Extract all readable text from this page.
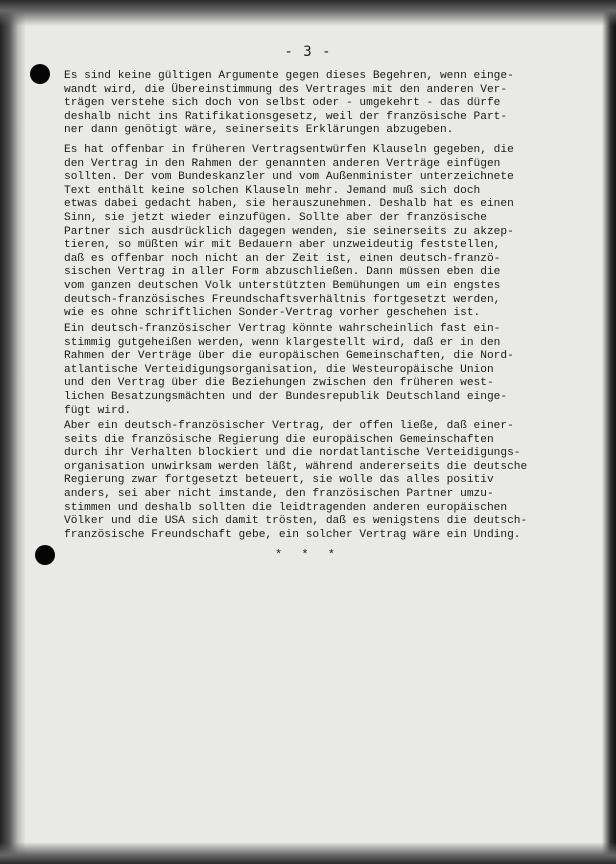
- 3 -
Es sind keine gültigen Argumente gegen dieses Begehren, wenn einge-
wandt wird, die Übereinstimmung des Vertrages mit den anderen Ver-
trägen verstehe sich doch von selbst oder - umgekehrt - das dürfe
deshalb nicht ins Ratifikationsgesetz, weil der französische Part-
ner dann genötigt wäre, seinerseits Erklärungen abzugeben.
Es hat offenbar in früheren Vertragsentwürfen Klauseln gegeben, die
den Vertrag in den Rahmen der genannten anderen Verträge einfügen
sollten. Der vom Bundeskanzler und vom Außenminister unterzeichnete
Text enthält keine solchen Klauseln mehr. Jemand muß sich doch
etwas dabei gedacht haben, sie herauszunehmen. Deshalb hat es einen
Sinn, sie jetzt wieder einzufügen. Sollte aber der französische
Partner sich ausdrücklich dagegen wenden, sie seinerseits zu akzep-
tieren, so müßten wir mit Bedauern aber unzweideutig feststellen,
daß es offenbar noch nicht an der Zeit ist, einen deutsch-franzö-
sischen Vertrag in aller Form abzuschließen. Dann müssen eben die
vom ganzen deutschen Volk unterstützten Bemühungen um ein engstes
deutsch-französisches Freundschaftsverhältnis fortgesetzt werden,
wie es ohne schriftlichen Sonder-Vertrag vorher geschehen ist.
Ein deutsch-französischer Vertrag könnte wahrscheinlich fast ein-
stimmig gutgeheißen werden, wenn klargestellt wird, daß er in den
Rahmen der Verträge über die europäischen Gemeinschaften, die Nord-
atlantische Verteidigungsorganisation, die Westeuropäische Union
und den Vertrag über die Beziehungen zwischen den früheren west-
lichen Besatzungsmächten und der Bundesrepublik Deutschland einge-
fügt wird.
Aber ein deutsch-französischer Vertrag, der offen ließe, daß einer-
seits die französische Regierung die europäischen Gemeinschaften
durch ihr Verhalten blockiert und die nordatlantische Verteidigungs-
organisation unwirksam werden läßt, während andererseits die deutsche
Regierung zwar fortgesetzt beteuert, sie wolle das alles positiv
anders, sei aber nicht imstande, den französischen Partner umzu-
stimmen und deshalb sollten die leidtragenden anderen europäischen
Völker und die USA sich damit trösten, daß es wenigstens die deutsch-
französische Freundschaft gebe, ein solcher Vertrag wäre ein Unding.
* * *
